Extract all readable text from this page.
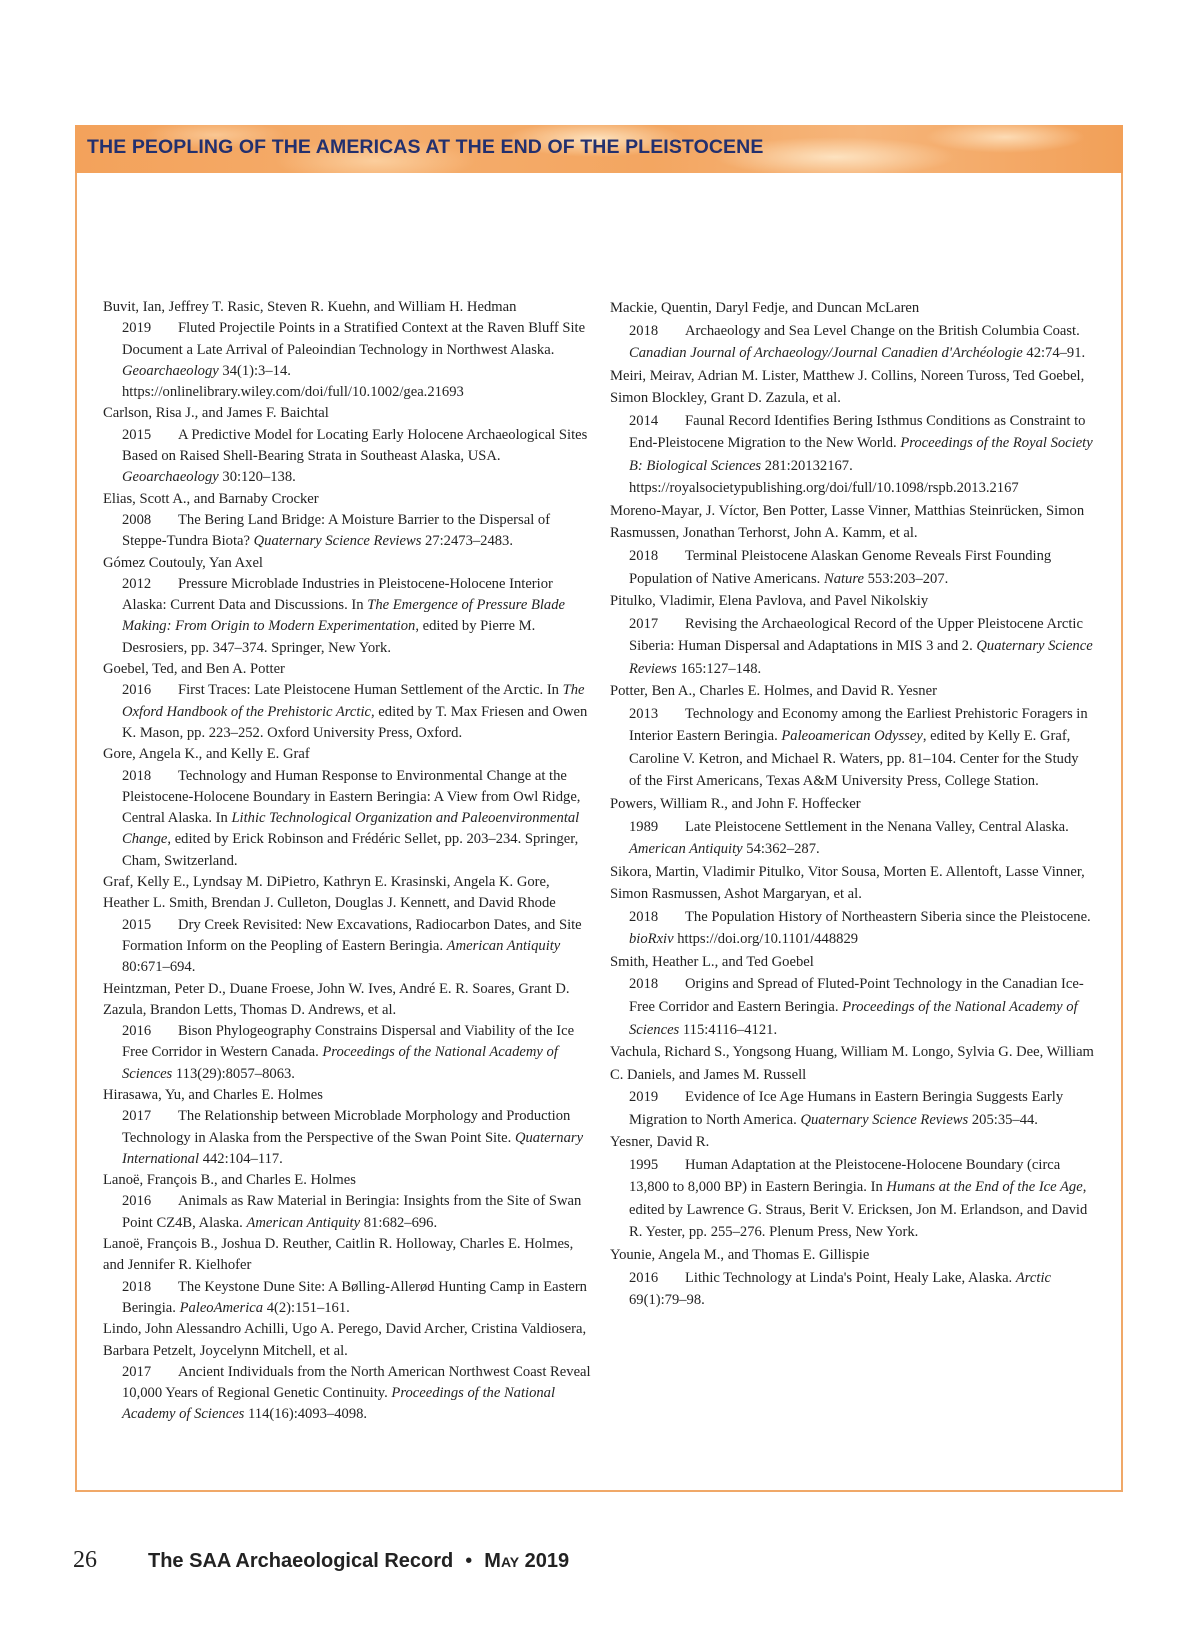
THE PEOPLING OF THE AMERICAS AT THE END OF THE PLEISTOCENE
Buvit, Ian, Jeffrey T. Rasic, Steven R. Kuehn, and William H. Hedman
2019 Fluted Projectile Points in a Stratified Context at the Raven Bluff Site Document a Late Arrival of Paleoindian Technology in Northwest Alaska. Geoarchaeology 34(1):3–14. https://onlinelibrary.wiley.com/doi/full/10.1002/gea.21693
Carlson, Risa J., and James F. Baichtal
2015 A Predictive Model for Locating Early Holocene Archaeological Sites Based on Raised Shell-Bearing Strata in Southeast Alaska, USA. Geoarchaeology 30:120–138.
Elias, Scott A., and Barnaby Crocker
2008 The Bering Land Bridge: A Moisture Barrier to the Dispersal of Steppe-Tundra Biota? Quaternary Science Reviews 27:2473–2483.
Gómez Coutouly, Yan Axel
2012 Pressure Microblade Industries in Pleistocene-Holocene Interior Alaska: Current Data and Discussions. In The Emergence of Pressure Blade Making: From Origin to Modern Experimentation, edited by Pierre M. Desrosiers, pp. 347–374. Springer, New York.
Goebel, Ted, and Ben A. Potter
2016 First Traces: Late Pleistocene Human Settlement of the Arctic. In The Oxford Handbook of the Prehistoric Arctic, edited by T. Max Friesen and Owen K. Mason, pp. 223–252. Oxford University Press, Oxford.
Gore, Angela K., and Kelly E. Graf
2018 Technology and Human Response to Environmental Change at the Pleistocene-Holocene Boundary in Eastern Beringia: A View from Owl Ridge, Central Alaska. In Lithic Technological Organization and Paleoenvironmental Change, edited by Erick Robinson and Frédéric Sellet, pp. 203–234. Springer, Cham, Switzerland.
Graf, Kelly E., Lyndsay M. DiPietro, Kathryn E. Krasinski, Angela K. Gore, Heather L. Smith, Brendan J. Culleton, Douglas J. Kennett, and David Rhode
2015 Dry Creek Revisited: New Excavations, Radiocarbon Dates, and Site Formation Inform on the Peopling of Eastern Beringia. American Antiquity 80:671–694.
Heintzman, Peter D., Duane Froese, John W. Ives, André E. R. Soares, Grant D. Zazula, Brandon Letts, Thomas D. Andrews, et al.
2016 Bison Phylogeography Constrains Dispersal and Viability of the Ice Free Corridor in Western Canada. Proceedings of the National Academy of Sciences 113(29):8057–8063.
Hirasawa, Yu, and Charles E. Holmes
2017 The Relationship between Microblade Morphology and Production Technology in Alaska from the Perspective of the Swan Point Site. Quaternary International 442:104–117.
Lanoë, François B., and Charles E. Holmes
2016 Animals as Raw Material in Beringia: Insights from the Site of Swan Point CZ4B, Alaska. American Antiquity 81:682–696.
Lanoë, François B., Joshua D. Reuther, Caitlin R. Holloway, Charles E. Holmes, and Jennifer R. Kielhofer
2018 The Keystone Dune Site: A Bølling-Allerød Hunting Camp in Eastern Beringia. PaleoAmerica 4(2):151–161.
Lindo, John Alessandro Achilli, Ugo A. Perego, David Archer, Cristina Valdiosera, Barbara Petzelt, Joycelynn Mitchell, et al.
2017 Ancient Individuals from the North American Northwest Coast Reveal 10,000 Years of Regional Genetic Continuity. Proceedings of the National Academy of Sciences 114(16):4093–4098.
Mackie, Quentin, Daryl Fedje, and Duncan McLaren
2018 Archaeology and Sea Level Change on the British Columbia Coast. Canadian Journal of Archaeology/Journal Canadien d'Archéologie 42:74–91.
Meiri, Meirav, Adrian M. Lister, Matthew J. Collins, Noreen Tuross, Ted Goebel, Simon Blockley, Grant D. Zazula, et al.
2014 Faunal Record Identifies Bering Isthmus Conditions as Constraint to End-Pleistocene Migration to the New World. Proceedings of the Royal Society B: Biological Sciences 281:20132167. https://royalsocietypublishing.org/doi/full/10.1098/rspb.2013.2167
Moreno-Mayar, J. Víctor, Ben Potter, Lasse Vinner, Matthias Steinrücken, Simon Rasmussen, Jonathan Terhorst, John A. Kamm, et al.
2018 Terminal Pleistocene Alaskan Genome Reveals First Founding Population of Native Americans. Nature 553:203–207.
Pitulko, Vladimir, Elena Pavlova, and Pavel Nikolskiy
2017 Revising the Archaeological Record of the Upper Pleistocene Arctic Siberia: Human Dispersal and Adaptations in MIS 3 and 2. Quaternary Science Reviews 165:127–148.
Potter, Ben A., Charles E. Holmes, and David R. Yesner
2013 Technology and Economy among the Earliest Prehistoric Foragers in Interior Eastern Beringia. Paleoamerican Odyssey, edited by Kelly E. Graf, Caroline V. Ketron, and Michael R. Waters, pp. 81–104. Center for the Study of the First Americans, Texas A&M University Press, College Station.
Powers, William R., and John F. Hoffecker
1989 Late Pleistocene Settlement in the Nenana Valley, Central Alaska. American Antiquity 54:362–287.
Sikora, Martin, Vladimir Pitulko, Vitor Sousa, Morten E. Allentoft, Lasse Vinner, Simon Rasmussen, Ashot Margaryan, et al.
2018 The Population History of Northeastern Siberia since the Pleistocene. bioRxiv https://doi.org/10.1101/448829
Smith, Heather L., and Ted Goebel
2018 Origins and Spread of Fluted-Point Technology in the Canadian Ice-Free Corridor and Eastern Beringia. Proceedings of the National Academy of Sciences 115:4116–4121.
Vachula, Richard S., Yongsong Huang, William M. Longo, Sylvia G. Dee, William C. Daniels, and James M. Russell
2019 Evidence of Ice Age Humans in Eastern Beringia Suggests Early Migration to North America. Quaternary Science Reviews 205:35–44.
Yesner, David R.
1995 Human Adaptation at the Pleistocene-Holocene Boundary (circa 13,800 to 8,000 BP) in Eastern Beringia. In Humans at the End of the Ice Age, edited by Lawrence G. Straus, Berit V. Ericksen, Jon M. Erlandson, and David R. Yester, pp. 255–276. Plenum Press, New York.
Younie, Angela M., and Thomas E. Gillispie
2016 Lithic Technology at Linda's Point, Healy Lake, Alaska. Arctic 69(1):79–98.
26	The SAA Archaeological Record • May 2019
